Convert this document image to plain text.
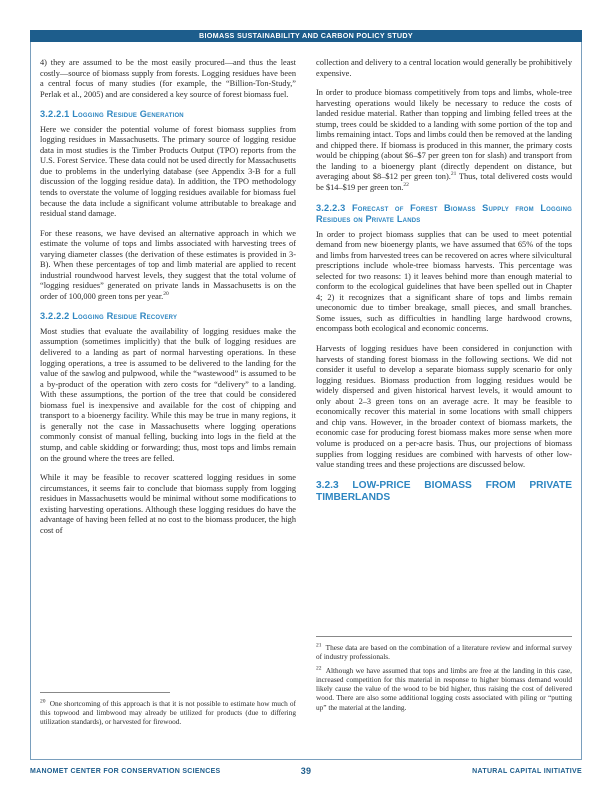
BIOMASS SUSTAINABILITY AND CARBON POLICY STUDY

4) they are assumed to be the most easily procured—and thus the least costly—source of biomass supply from forests. Logging residues have been a central focus of many studies (for example, the “Billion-Ton-Study,” Perlak et al., 2005) and are considered a key source of forest biomass fuel.

3.2.2.1 Logging Residue Generation

Here we consider the potential volume of forest biomass supplies from logging residues in Massachusetts. The primary source of logging residue data in most studies is the Timber Products Output (TPO) reports from the U.S. Forest Service. These data could not be used directly for Massachusetts due to problems in the underlying database (see Appendix 3-B for a full discussion of the logging residue data). In addition, the TPO methodology tends to overstate the volume of logging residues available for biomass fuel because the data include a significant volume attributable to breakage and residual stand damage.

For these reasons, we have devised an alternative approach in which we estimate the volume of tops and limbs associated with harvesting trees of varying diameter classes (the derivation of these estimates is provided in 3-B). When these percentages of top and limb material are applied to recent industrial roundwood harvest levels, they suggest that the total volume of “logging residues” generated on private lands in Massachusetts is on the order of 100,000 green tons per year.$^{20}$

3.2.2.2 Logging Residue Recovery

Most studies that evaluate the availability of logging residues make the assumption (sometimes implicitly) that the bulk of logging residues are delivered to a landing as part of normal harvesting operations. In these logging operations, a tree is assumed to be delivered to the landing for the value of the sawlog and pulpwood, while the “wastewood” is assumed to be a by-product of the operation with zero costs for “delivery” to a landing. With these assumptions, the portion of the tree that could be considered biomass fuel is inexpensive and available for the cost of chipping and transport to a bioenergy facility. While this may be true in many regions, it is generally not the case in Massachusetts where logging operations commonly consist of manual felling, bucking into logs in the field at the stump, and cable skidding or forwarding; thus, most tops and limbs remain on the ground where the trees are felled.

While it may be feasible to recover scattered logging residues in some circumstances, it seems fair to conclude that biomass supply from logging residues in Massachusetts would be minimal without some modifications to existing harvesting operations. Although these logging residues do have the advantage of having been felled at no cost to the biomass producer, the high cost of

$^{20}$ One shortcoming of this approach is that it is not possible to estimate how much of this topwood and limbwood may already be utilized for products (due to differing utilization standards), or harvested for firewood.

collection and delivery to a central location would generally be prohibitively expensive.

In order to produce biomass competitively from tops and limbs, whole-tree harvesting operations would likely be necessary to reduce the costs of landed residue material. Rather than topping and limbing felled trees at the stump, trees could be skidded to a landing with some portion of the top and limbs remaining intact. Tops and limbs could then be removed at the landing and chipped there. If biomass is produced in this manner, the primary costs would be chipping (about $6–$7 per green ton for slash) and transport from the landing to a bioenergy plant (directly dependent on distance, but averaging about $8–$12 per green ton).$^{21}$ Thus, total delivered costs would be $14–$19 per green ton.$^{22}$

3.2.2.3 Forecast of Forest Biomass Supply from Logging Residues on Private Lands

In order to project biomass supplies that can be used to meet potential demand from new bioenergy plants, we have assumed that 65% of the tops and limbs from harvested trees can be recovered on acres where silvicultural prescriptions include whole-tree biomass harvests. This percentage was selected for two reasons: 1) it leaves behind more than enough material to conform to the ecological guidelines that have been spelled out in Chapter 4; 2) it recognizes that a significant share of tops and limbs remain uneconomic due to timber breakage, small pieces, and small branches. Some issues, such as difficulties in handling large hardwood crowns, encompass both ecological and economic concerns.

Harvests of logging residues have been considered in conjunction with harvests of standing forest biomass in the following sections. We did not consider it useful to develop a separate biomass supply scenario for only logging residues. Biomass production from logging residues would be widely dispersed and given historical harvest levels, it would amount to only about 2–3 green tons on an average acre. It may be feasible to economically recover this material in some locations with small chippers and chip vans. However, in the broader context of biomass markets, the economic case for producing forest biomass makes more sense when more volume is produced on a per-acre basis. Thus, our projections of biomass supplies from logging residues are combined with harvests of other low-value standing trees and these projections are discussed below.

3.2.3 LOW-PRICE BIOMASS FROM PRIVATE TIMBERLANDS
$^{21}$ These data are based on the combination of a literature review and informal survey of industry professionals.
$^{22}$ Although we have assumed that tops and limbs are free at the landing in this case, increased competition for this material in response to higher biomass demand would likely cause the value of the wood to be bid higher, thus raising the cost of delivered wood. There are also some additional logging costs associated with piling or “putting up” the material at the landing.
MANOMET CENTER FOR CONSERVATION SCIENCES	39	NATURAL CAPITAL INITIATIVE
